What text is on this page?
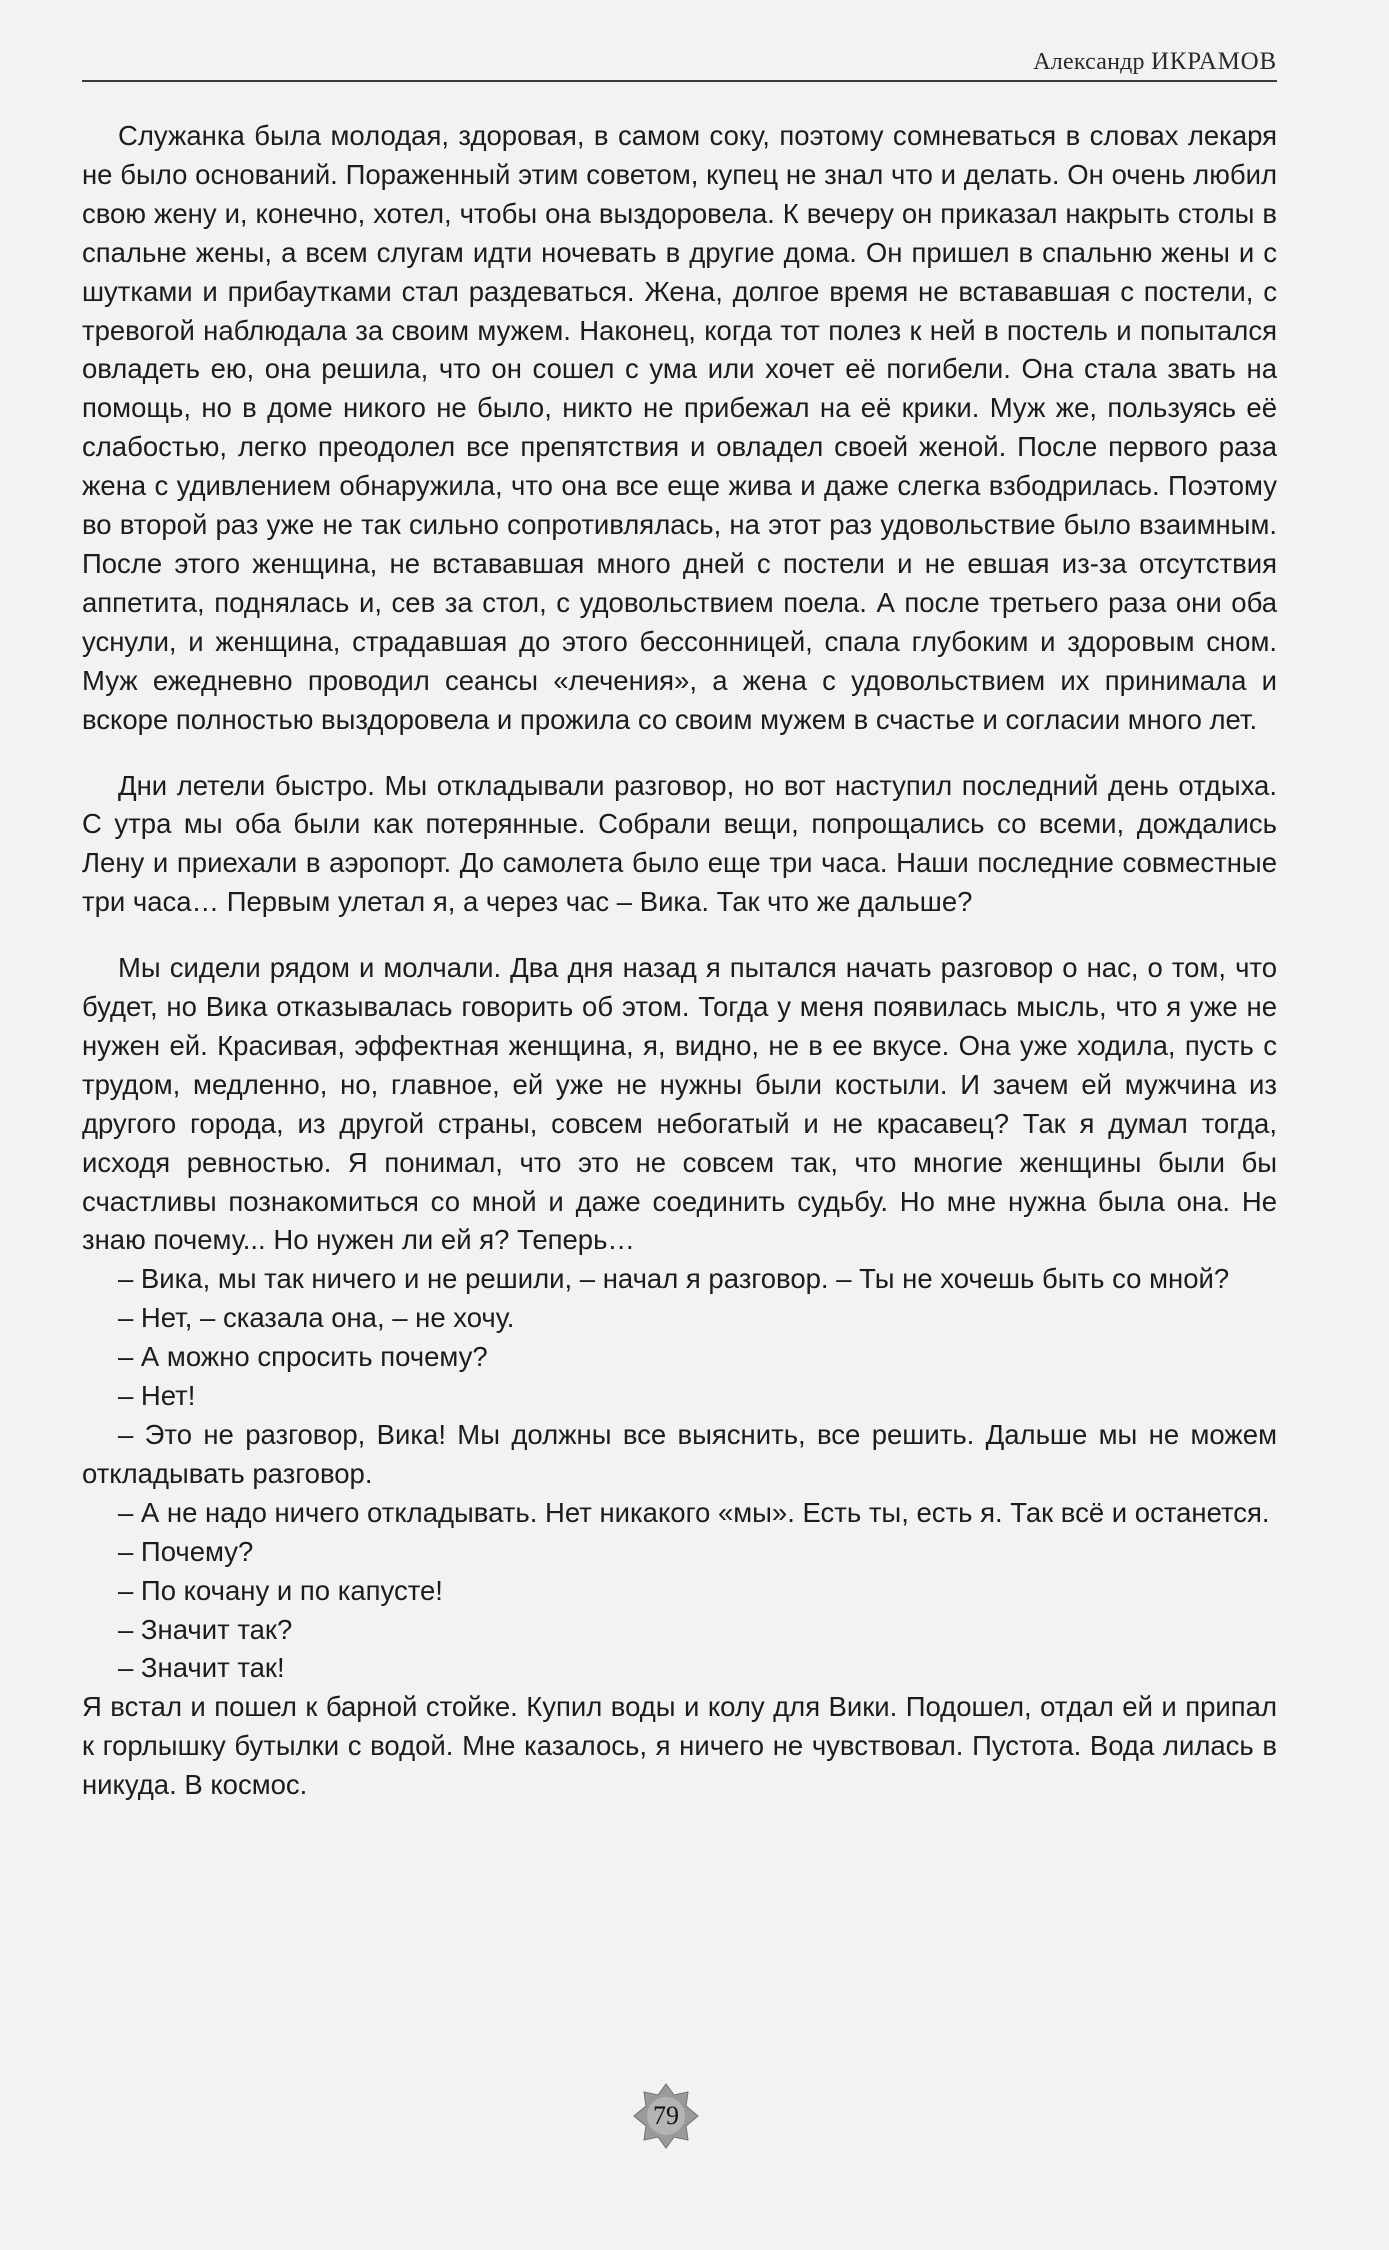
Александр ИКРАМОВ

Служанка была молодая, здоровая, в самом соку, поэтому сомневаться в словах лекаря не было оснований. Пораженный этим советом, купец не знал что и делать. Он очень любил свою жену и, конечно, хотел, чтобы она выздоровела. К вечеру он приказал накрыть столы в спальне жены, а всем слугам идти ночевать в другие дома. Он пришел в спальню жены и с шутками и прибаутками стал раздеваться. Жена, долгое время не встававшая с постели, с тревогой наблюдала за своим мужем. Наконец, когда тот полез к ней в постель и попытался овладеть ею, она решила, что он сошел с ума или хочет её погибели. Она стала звать на помощь, но в доме никого не было, никто не прибежал на её крики. Муж же, пользуясь её слабостью, легко преодолел все препятствия и овладел своей женой. После первого раза жена с удивлением обнаружила, что она все еще жива и даже слегка взбодрилась. Поэтому во второй раз уже не так сильно сопротивлялась, на этот раз удовольствие было взаимным. После этого женщина, не встававшая много дней с постели и не евшая из-за отсутствия аппетита, поднялась и, сев за стол, с удовольствием поела. А после третьего раза они оба уснули, и женщина, страдавшая до этого бессонницей, спала глубоким и здоровым сном. Муж ежедневно проводил сеансы «лечения», а жена с удовольствием их принимала и вскоре полностью выздоровела и прожила со своим мужем в счастье и согласии много лет.

Дни летели быстро. Мы откладывали разговор, но вот наступил последний день отдыха. С утра мы оба были как потерянные. Собрали вещи, попрощались со всеми, дождались Лену и приехали в аэропорт. До самолета было еще три часа. Наши последние совместные три часа… Первым улетал я, а через час – Вика. Так что же дальше?

Мы сидели рядом и молчали. Два дня назад я пытался начать разговор о нас, о том, что будет, но Вика отказывалась говорить об этом. Тогда у меня появилась мысль, что я уже не нужен ей. Красивая, эффектная женщина, я, видно, не в ее вкусе. Она уже ходила, пусть с трудом, медленно, но, главное, ей уже не нужны были костыли. И зачем ей мужчина из другого города, из другой страны, совсем небогатый и не красавец? Так я думал тогда, исходя ревностью. Я понимал, что это не совсем так, что многие женщины были бы счастливы познакомиться со мной и даже соединить судьбу. Но мне нужна была она. Не знаю почему... Но нужен ли ей я? Теперь…

– Вика, мы так ничего и не решили, – начал я разговор. – Ты не хочешь быть со мной?

– Нет, – сказала она, – не хочу.

– А можно спросить почему?

– Нет!

– Это не разговор, Вика! Мы должны все выяснить, все решить. Дальше мы не можем откладывать разговор.

– А не надо ничего откладывать. Нет никакого «мы». Есть ты, есть я. Так всё и останется.

– Почему?

– По кочану и по капусте!

– Значит так?

– Значит так!

Я встал и пошел к барной стойке. Купил воды и колу для Вики. Подошел, отдал ей и припал к горлышку бутылки с водой. Мне казалось, я ничего не чувствовал. Пустота. Вода лилась в никуда. В космос.

79
